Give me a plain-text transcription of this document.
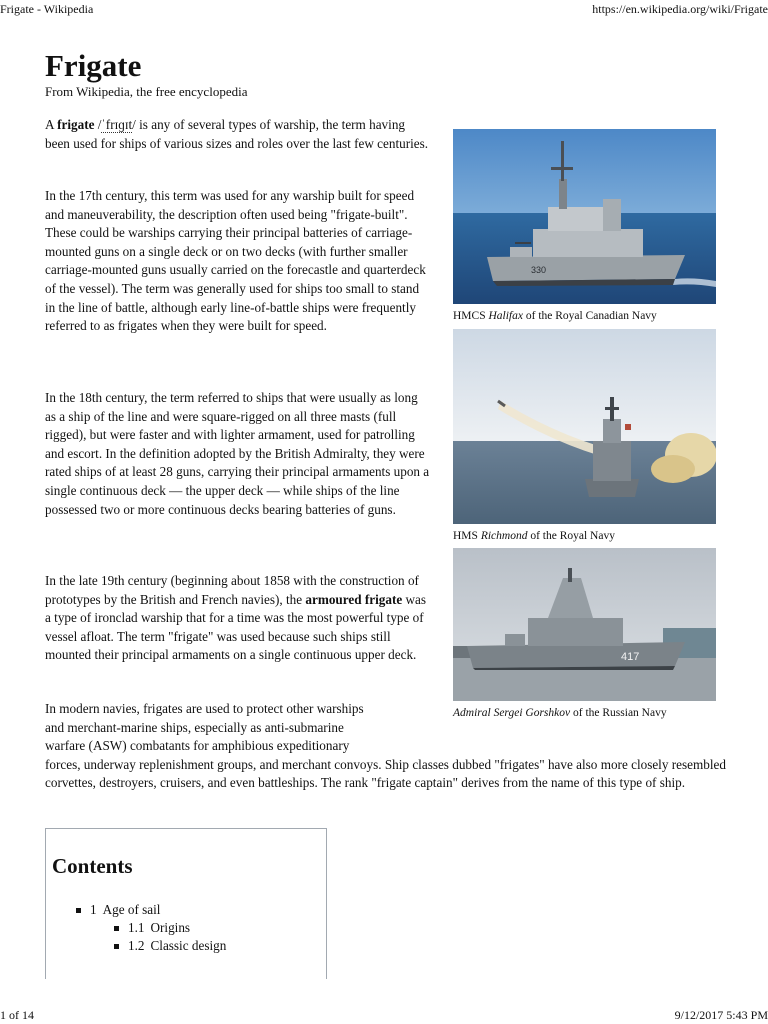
Frigate - Wikipedia	https://en.wikipedia.org/wiki/Frigate
Frigate
From Wikipedia, the free encyclopedia

A frigate /ˈfrɪɡɪt/ is any of several types of warship, the term having been used for ships of various sizes and roles over the last few centuries.

In the 17th century, this term was used for any warship built for speed and maneuverability, the description often used being "frigate-built". These could be warships carrying their principal batteries of carriage-mounted guns on a single deck or on two decks (with further smaller carriage-mounted guns usually carried on the forecastle and quarterdeck of the vessel). The term was generally used for ships too small to stand in the line of battle, although early line-of-battle ships were frequently referred to as frigates when they were built for speed.

In the 18th century, the term referred to ships that were usually as long as a ship of the line and were square-rigged on all three masts (full rigged), but were faster and with lighter armament, used for patrolling and escort. In the definition adopted by the British Admiralty, they were rated ships of at least 28 guns, carrying their principal armaments upon a single continuous deck — the upper deck — while ships of the line possessed two or more continuous decks bearing batteries of guns.

In the late 19th century (beginning about 1858 with the construction of prototypes by the British and French navies), the armoured frigate was a type of ironclad warship that for a time was the most powerful type of vessel afloat. The term "frigate" was used because such ships still mounted their principal armaments on a single continuous upper deck.

In modern navies, frigates are used to protect other warships
and merchant-marine ships, especially as anti-submarine
warfare (ASW) combatants for amphibious expeditionary
forces, underway replenishment groups, and merchant convoys. Ship classes dubbed "frigates" have also more closely resembled corvettes, destroyers, cruisers, and even battleships. The rank "frigate captain" derives from the name of this type of ship.

330
HMCS Halifax of the Royal Canadian Navy
HMS Richmond of the Royal Navy
417
Admiral Sergei Gorshkov of the Russian Navy
Contents
1 Age of sail
1.1 Origins
1.2 Classic design
1 of 14	9/12/2017 5:43 PM
